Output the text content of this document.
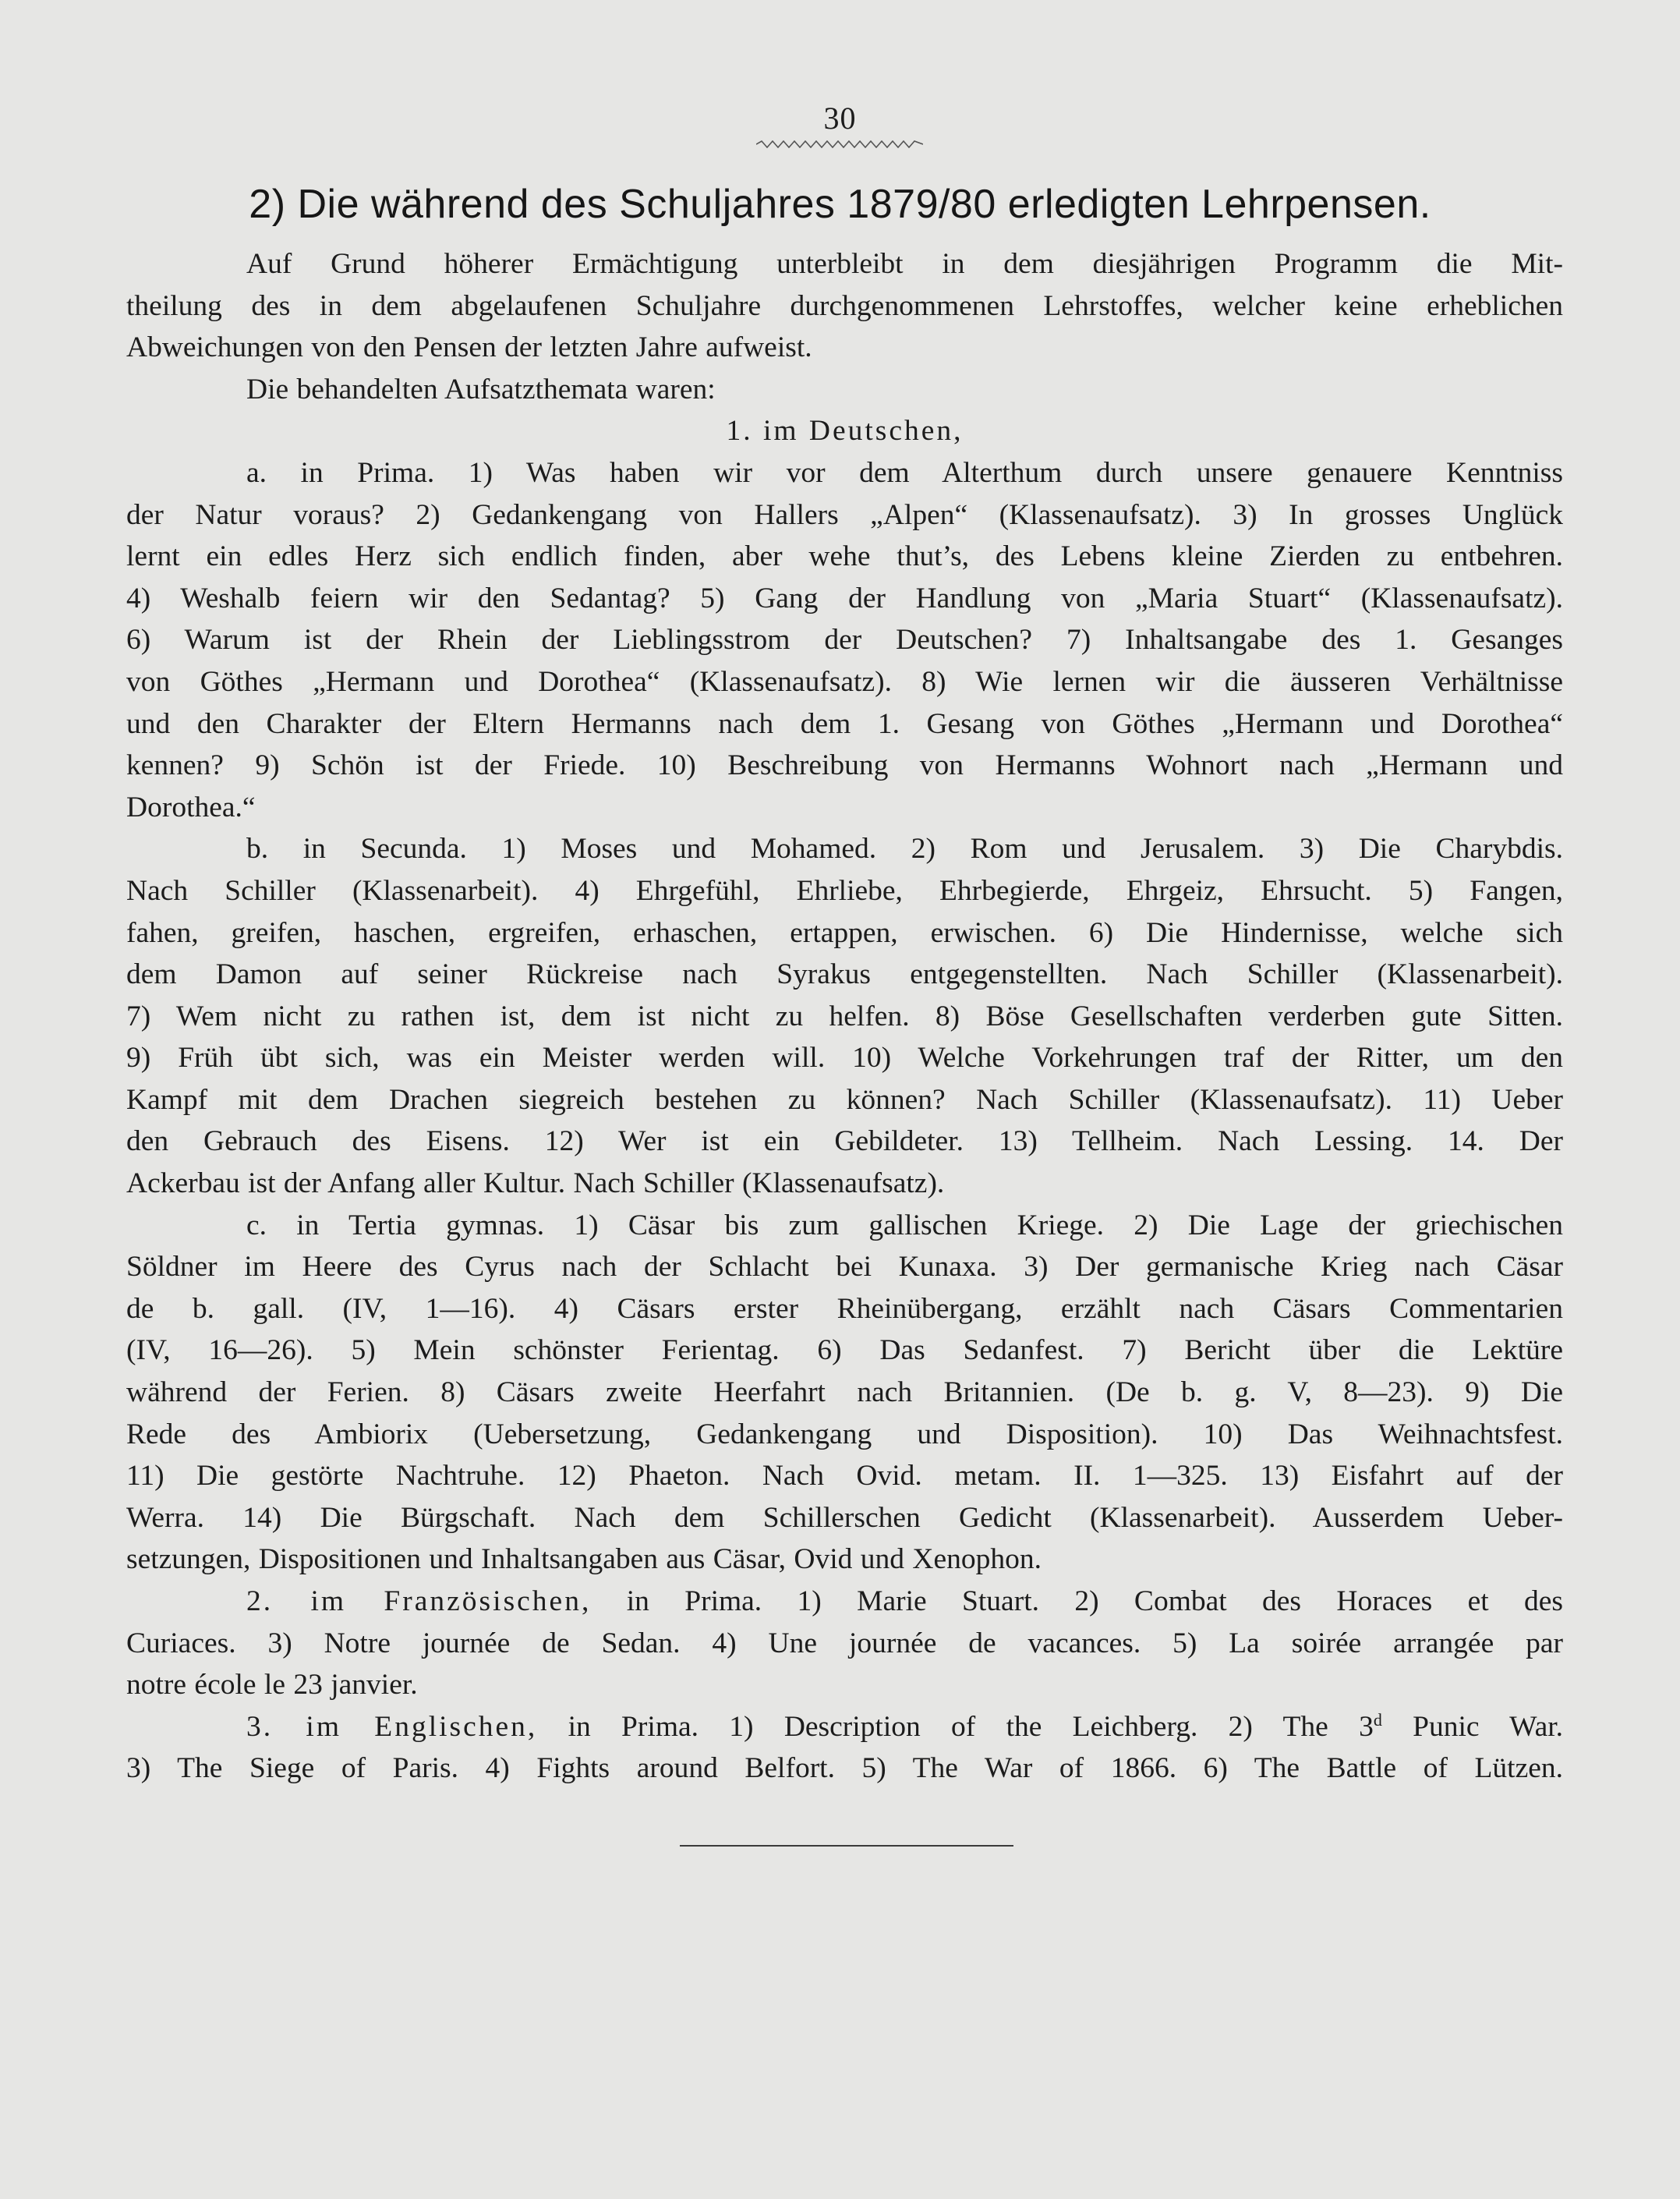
30
2) Die während des Schuljahres 1879/80 erledigten Lehrpensen.

Auf Grund höherer Ermächtigung unterbleibt in dem diesjährigen Programm die Mit-

theilung des in dem abgelaufenen Schuljahre durchgenommenen Lehrstoffes, welcher keine erheblichen

Abweichungen von den Pensen der letzten Jahre aufweist.

Die behandelten Aufsatzthemata waren:

1. im Deutschen,

a. in Prima. 1) Was haben wir vor dem Alterthum durch unsere genauere Kenntniss

der Natur voraus? 2) Gedankengang von Hallers „Alpen“ (Klassenaufsatz). 3) In grosses Unglück

lernt ein edles Herz sich endlich finden, aber wehe thut’s, des Lebens kleine Zierden zu entbehren.

4) Weshalb feiern wir den Sedantag? 5) Gang der Handlung von „Maria Stuart“ (Klassenaufsatz).

6) Warum ist der Rhein der Lieblingsstrom der Deutschen? 7) Inhaltsangabe des 1. Gesanges

von Göthes „Hermann und Dorothea“ (Klassenaufsatz). 8) Wie lernen wir die äusseren Verhältnisse

und den Charakter der Eltern Hermanns nach dem 1. Gesang von Göthes „Hermann und Dorothea“

kennen? 9) Schön ist der Friede. 10) Beschreibung von Hermanns Wohnort nach „Hermann und

Dorothea.“

b. in Secunda. 1) Moses und Mohamed. 2) Rom und Jerusalem. 3) Die Charybdis.

Nach Schiller (Klassenarbeit). 4) Ehrgefühl, Ehrliebe, Ehrbegierde, Ehrgeiz, Ehrsucht. 5) Fangen,

fahen, greifen, haschen, ergreifen, erhaschen, ertappen, erwischen. 6) Die Hindernisse, welche sich

dem Damon auf seiner Rückreise nach Syrakus entgegenstellten. Nach Schiller (Klassenarbeit).

7) Wem nicht zu rathen ist, dem ist nicht zu helfen. 8) Böse Gesellschaften verderben gute Sitten.

9) Früh übt sich, was ein Meister werden will. 10) Welche Vorkehrungen traf der Ritter, um den

Kampf mit dem Drachen siegreich bestehen zu können? Nach Schiller (Klassenaufsatz). 11) Ueber

den Gebrauch des Eisens. 12) Wer ist ein Gebildeter. 13) Tellheim. Nach Lessing. 14. Der

Ackerbau ist der Anfang aller Kultur. Nach Schiller (Klassenaufsatz).

c. in Tertia gymnas. 1) Cäsar bis zum gallischen Kriege. 2) Die Lage der griechischen

Söldner im Heere des Cyrus nach der Schlacht bei Kunaxa. 3) Der germanische Krieg nach Cäsar

de b. gall. (IV, 1—16). 4) Cäsars erster Rheinübergang, erzählt nach Cäsars Commentarien

(IV, 16—26). 5) Mein schönster Ferientag. 6) Das Sedanfest. 7) Bericht über die Lektüre

während der Ferien. 8) Cäsars zweite Heerfahrt nach Britannien. (De b. g. V, 8—23). 9) Die

Rede des Ambiorix (Uebersetzung, Gedankengang und Disposition). 10) Das Weihnachtsfest.

11) Die gestörte Nachtruhe. 12) Phaeton. Nach Ovid. metam. II. 1—325. 13) Eisfahrt auf der

Werra. 14) Die Bürgschaft. Nach dem Schillerschen Gedicht (Klassenarbeit). Ausserdem Ueber-

setzungen, Dispositionen und Inhaltsangaben aus Cäsar, Ovid und Xenophon.

2. im Französischen, in Prima. 1) Marie Stuart. 2) Combat des Horaces et des

Curiaces. 3) Notre journée de Sedan. 4) Une journée de vacances. 5) La soirée arrangée par

notre école le 23 janvier.

3. im Englischen, in Prima. 1) Description of the Leichberg. 2) The 3$^d$ Punic War.

3) The Siege of Paris. 4) Fights around Belfort. 5) The War of 1866. 6) The Battle of Lützen.
